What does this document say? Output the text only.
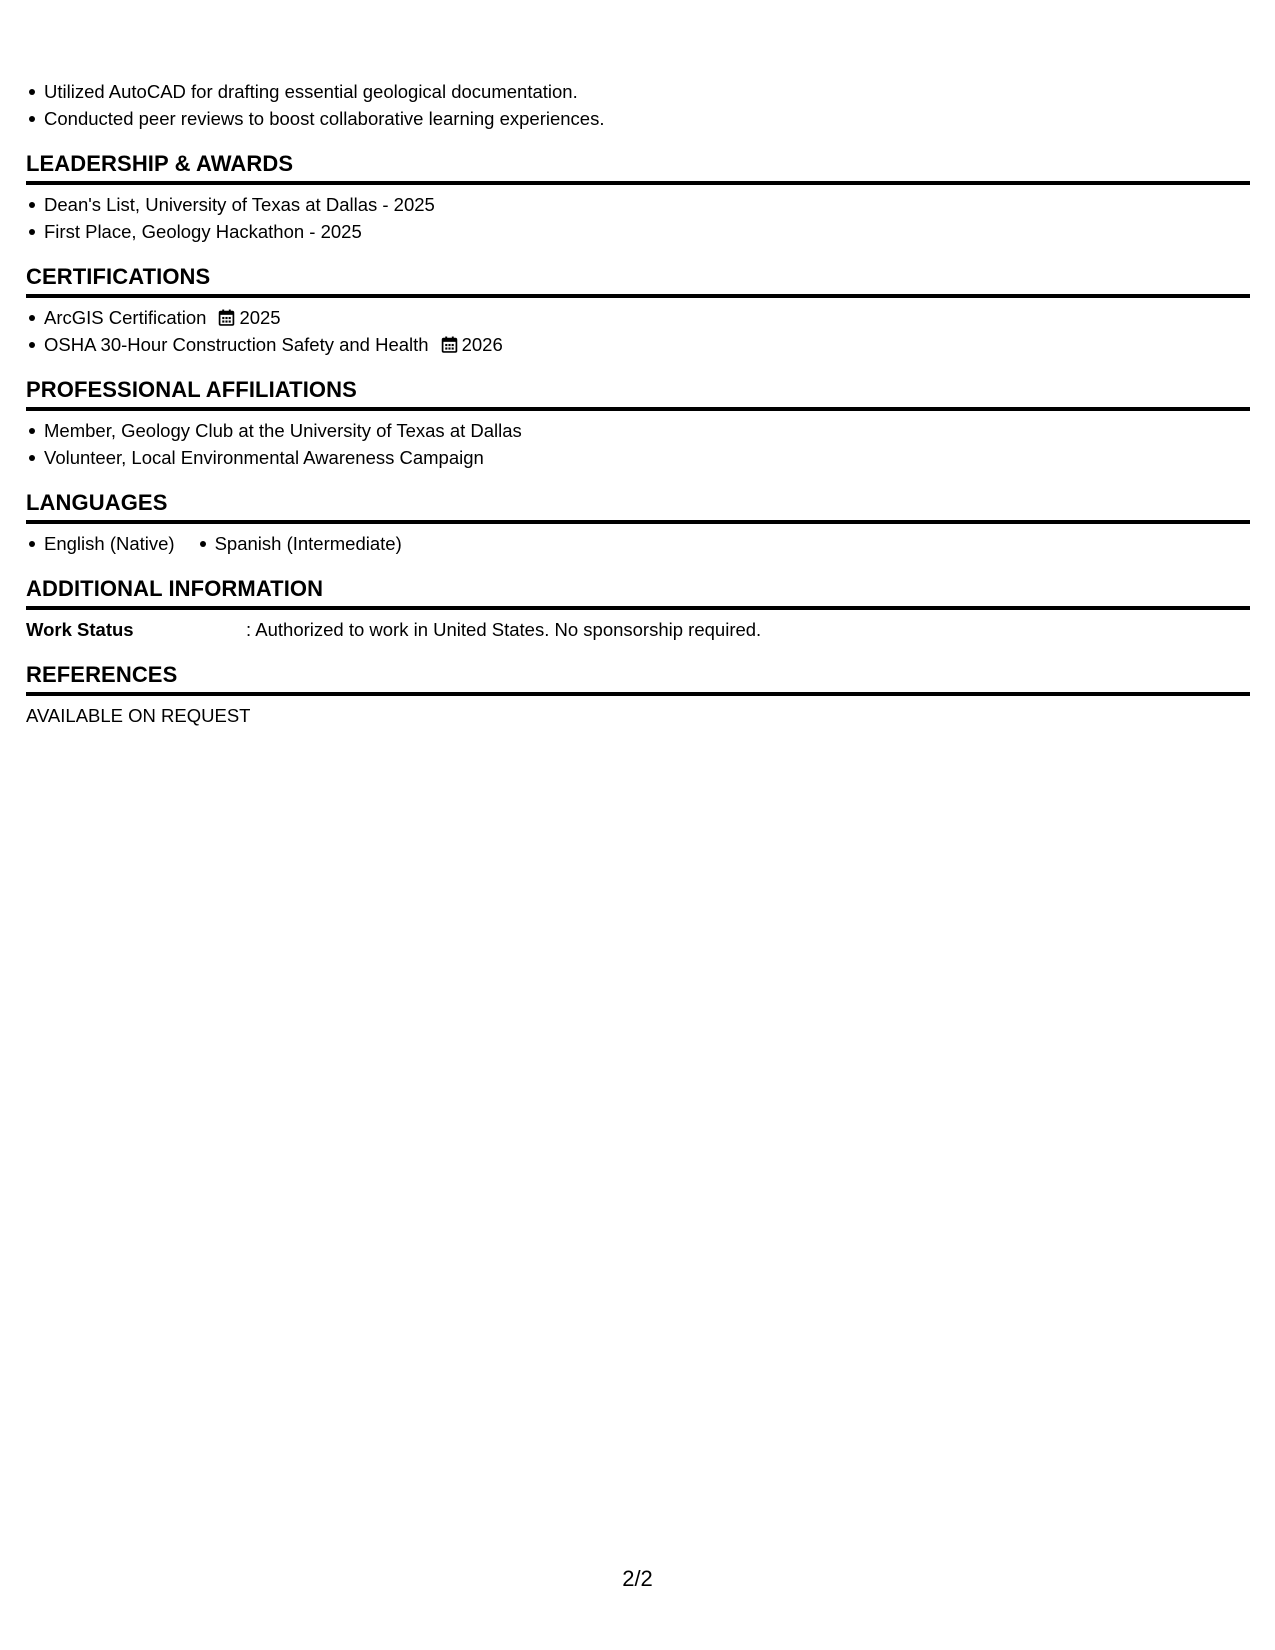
Utilized AutoCAD for drafting essential geological documentation.
Conducted peer reviews to boost collaborative learning experiences.
LEADERSHIP & AWARDS
Dean's List, University of Texas at Dallas - 2025
First Place, Geology Hackathon - 2025
CERTIFICATIONS
ArcGIS Certification 2025
OSHA 30-Hour Construction Safety and Health 2026
PROFESSIONAL AFFILIATIONS
Member, Geology Club at the University of Texas at Dallas
Volunteer, Local Environmental Awareness Campaign
LANGUAGES
English (Native) Spanish (Intermediate)
ADDITIONAL INFORMATION
Work Status	: Authorized to work in United States. No sponsorship required.
REFERENCES
AVAILABLE ON REQUEST
2/2
